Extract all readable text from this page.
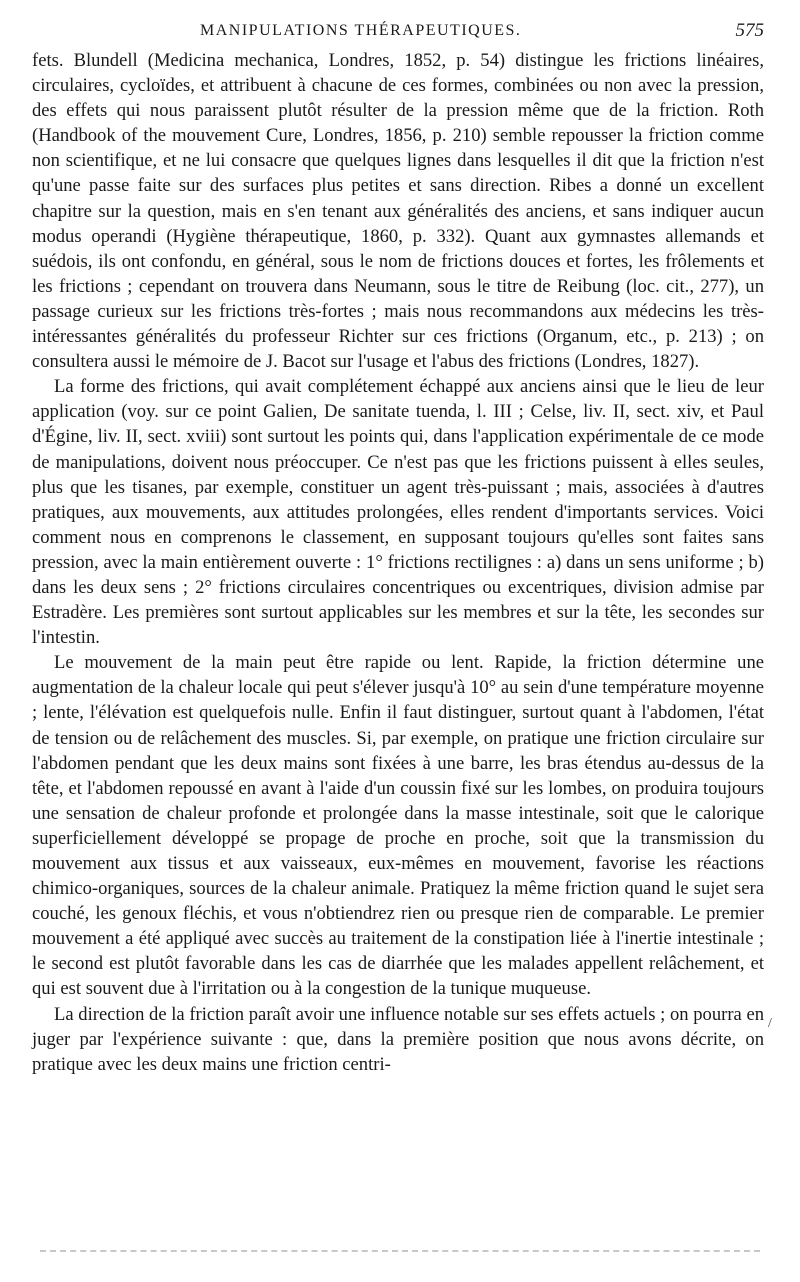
MANIPULATIONS THÉRAPEUTIQUES.	575

fets. Blundell (Medicina mechanica, Londres, 1852, p. 54) distingue les frictions linéaires, circulaires, cycloïdes, et attribuent à chacune de ces formes, combinées ou non avec la pression, des effets qui nous paraissent plutôt résulter de la pression même que de la friction. Roth (Handbook of the mouvement Cure, Londres, 1856, p. 210) semble repousser la friction comme non scientifique, et ne lui consacre que quelques lignes dans lesquelles il dit que la friction n'est qu'une passe faite sur des surfaces plus petites et sans direction. Ribes a donné un excellent chapitre sur la question, mais en s'en tenant aux généralités des anciens, et sans indiquer aucun modus operandi (Hygiène thérapeutique, 1860, p. 332). Quant aux gymnastes allemands et suédois, ils ont confondu, en général, sous le nom de frictions douces et fortes, les frôlements et les frictions ; cependant on trouvera dans Neumann, sous le titre de Reibung (loc. cit., 277), un passage curieux sur les frictions très-fortes ; mais nous recommandons aux médecins les très-intéressantes généralités du professeur Richter sur ces frictions (Organum, etc., p. 213) ; on consultera aussi le mémoire de J. Bacot sur l'usage et l'abus des frictions (Londres, 1827).

La forme des frictions, qui avait complétement échappé aux anciens ainsi que le lieu de leur application (voy. sur ce point Galien, De sanitate tuenda, l. III ; Celse, liv. II, sect. xiv, et Paul d'Égine, liv. II, sect. xviii) sont surtout les points qui, dans l'application expérimentale de ce mode de manipulations, doivent nous préoccuper. Ce n'est pas que les frictions puissent à elles seules, plus que les tisanes, par exemple, constituer un agent très-puissant ; mais, associées à d'autres pratiques, aux mouvements, aux attitudes prolongées, elles rendent d'importants services. Voici comment nous en comprenons le classement, en supposant toujours qu'elles sont faites sans pression, avec la main entièrement ouverte : 1° frictions rectilignes : a) dans un sens uniforme ; b) dans les deux sens ; 2° frictions circulaires concentriques ou excentriques, division admise par Estradère. Les premières sont surtout applicables sur les membres et sur la tête, les secondes sur l'intestin.

Le mouvement de la main peut être rapide ou lent. Rapide, la friction détermine une augmentation de la chaleur locale qui peut s'élever jusqu'à 10° au sein d'une température moyenne ; lente, l'élévation est quelquefois nulle. Enfin il faut distinguer, surtout quant à l'abdomen, l'état de tension ou de relâchement des muscles. Si, par exemple, on pratique une friction circulaire sur l'abdomen pendant que les deux mains sont fixées à une barre, les bras étendus au-dessus de la tête, et l'abdomen repoussé en avant à l'aide d'un coussin fixé sur les lombes, on produira toujours une sensation de chaleur profonde et prolongée dans la masse intestinale, soit que le calorique superficiellement développé se propage de proche en proche, soit que la transmission du mouvement aux tissus et aux vaisseaux, eux-mêmes en mouvement, favorise les réactions chimico-organiques, sources de la chaleur animale. Pratiquez la même friction quand le sujet sera couché, les genoux fléchis, et vous n'obtiendrez rien ou presque rien de comparable. Le premier mouvement a été appliqué avec succès au traitement de la constipation liée à l'inertie intestinale ; le second est plutôt favorable dans les cas de diarrhée que les malades appellent relâchement, et qui est souvent due à l'irritation ou à la congestion de la tunique muqueuse.

La direction de la friction paraît avoir une influence notable sur ses effets actuels ; on pourra en juger par l'expérience suivante : que, dans la première position que nous avons décrite, on pratique avec les deux mains une friction centri-

/
